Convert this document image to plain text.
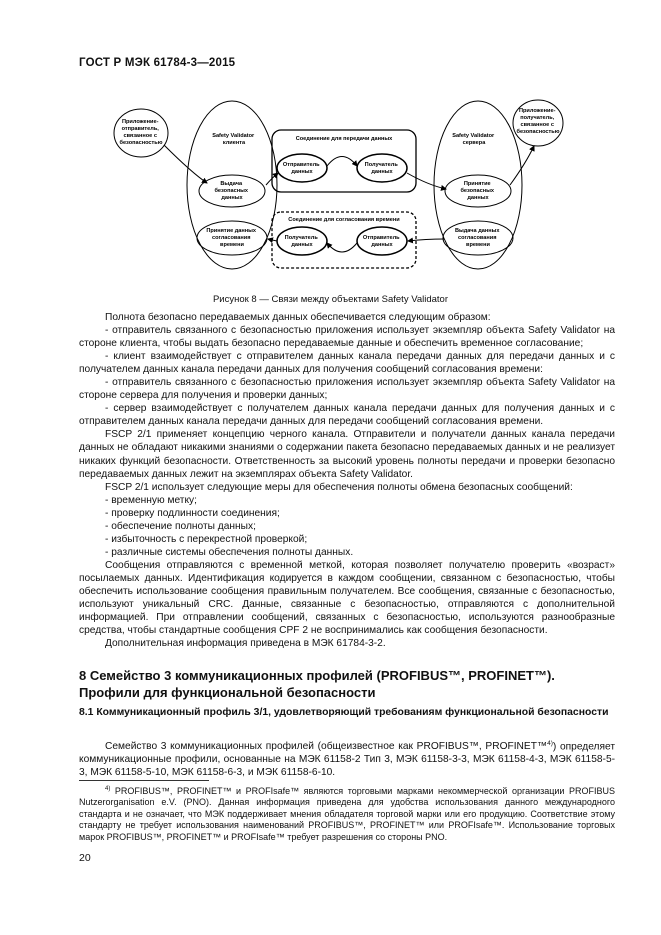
ГОСТ Р МЭК 61784-3—2015
Приложение- отправитель, связанное с безопасностью
Приложение- получатель, связанное с безопасностью
Safety Validator клиента
Safety Validator сервера
Выдача безопасных данных
Принятие данных согласования времени
Принятие безопасных данных
Выдача данных согласования времени
Соединение для передачи данных
Соединение для согласования времени
Отправитель данных
Получатель данных
Получатель данных
Отправитель данных
Рисунок 8 — Связи между объектами Safety Validator

Полнота безопасно передаваемых данных обеспечивается следующим образом:

- отправитель связанного с безопасностью приложения использует экземпляр объекта Safety Validator на стороне клиента, чтобы выдать безопасно передаваемые данные и обеспечить временное согласование;

- клиент взаимодействует с отправителем данных канала передачи данных для передачи данных и с получателем данных канала передачи данных для получения сообщений согласования времени:

- отправитель связанного с безопасностью приложения использует экземпляр объекта Safety Validator на стороне сервера для получения и проверки данных;

- сервер взаимодействует с получателем данных канала передачи данных для получения данных и с отправителем данных канала передачи данных для передачи сообщений согласования времени.

FSCP 2/1 применяет концепцию черного канала. Отправители и получатели данных канала передачи данных не обладают никакими знаниями о содержании пакета безопасно передаваемых данных и не реализует никаких функций безопасности. Ответственность за высокий уровень полноты передачи и проверки безопасно передаваемых данных лежит на экземплярах объекта Safety Validator.

FSCP 2/1 использует следующие меры для обеспечения полноты обмена безопасных сообщений:

- временную метку;

- проверку подлинности соединения;

- обеспечение полноты данных;

- избыточность с перекрестной проверкой;

- различные системы обеспечения полноты данных.

Сообщения отправляются с временной меткой, которая позволяет получателю проверить «возраст» посылаемых данных. Идентификация кодируется в каждом сообщении, связанном с безопасностью, чтобы обеспечить использование сообщения правильным получателем. Все сообщения, связанные с безопасностью, используют уникальный CRC. Данные, связанные с безопасностью, отправляются с дополнительной информацией. При отправлении сообщений, связанных с безопасностью, используются разнообразные средства, чтобы стандартные сообщения CPF 2 не воспринимались как сообщения безопасности.

Дополнительная информация приведена в МЭК 61784-3-2.

8 Семейство 3 коммуникационных профилей (PROFIBUS™, PROFINET™). Профили для функциональной безопасности
8.1 Коммуникационный профиль 3/1, удовлетворяющий требованиям функциональной безопасности
Семейство 3 коммуникационных профилей (общеизвестное как PROFIBUS™, PROFINET™$^{4)}$) определяет коммуникационные профили, основанные на МЭК 61158-2 Тип 3, МЭК 61158-3-3, МЭК 61158-4-3, МЭК 61158-5-3, МЭК 61158-5-10, МЭК 61158-6-3, и МЭК 61158-6-10.
$^{4)}$ PROFIBUS™, PROFINET™ и PROFIsafe™ являются торговыми марками некоммерческой организации PROFIBUS Nutzerorganisation e.V. (PNO). Данная информация приведена для удобства использования данного международного стандарта и не означает, что МЭК поддерживает мнения обладателя торговой марки или его продукцию. Соответствие этому стандарту не требует использования наименований PROFIBUS™, PROFINET™ или PROFIsafe™. Использование торговых марок PROFIBUS™, PROFINET™ и PROFIsafe™ требует разрешения со стороны PNO.
20
